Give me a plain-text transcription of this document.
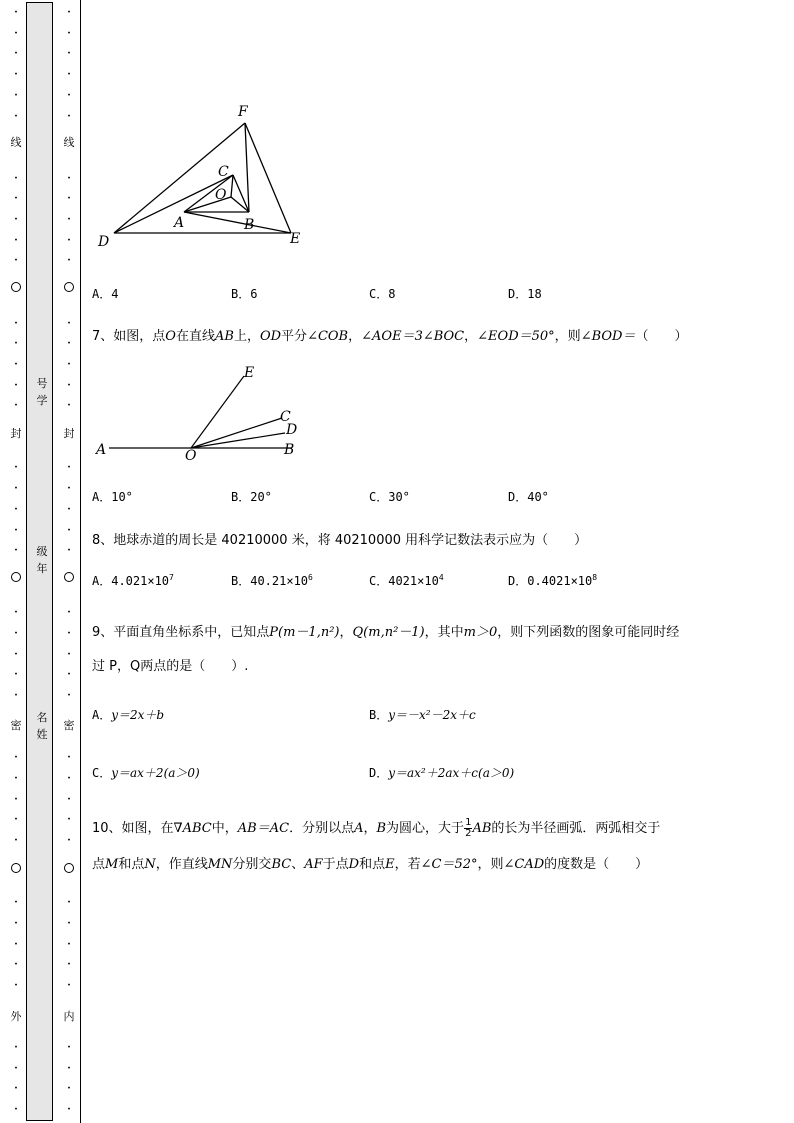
·
·
·
·
·
·
·
·
·
·
·
·
·
·
·
·
·
·
·
·
·
·
·
·
·
·
·
·
·
·
·
·
·
·
·
·
·
·
·
·
·
·
·
·
·
·
·
·
·
·
·
·
·
·
·
·
·
·
·
·
·
·
·
·
·
·
·
·
·
·
·
·
·
·
·
·
·
·
·
·
线
封
密
外
线
封
密
内
号学
级年
名姓
F
C
O
A	B
D	E
A．4	B．6	C．8	D．18
7、如图，点O在直线AB上，OD平分∠COB，∠AOE＝3∠BOC，∠EOD＝50°，则∠BOD＝（　　）
E
C
D
A	O	B
A．10°	B．20°	C．30°	D．40°
8、地球赤道的周长是 40210000 米，将 40210000 用科学记数法表示应为（　　）
A．$4.021\times 10^7$	B．$40.21\times 10^6$	C．$4021\times 10^4$	D．$0.4021\times 10^8$
9、平面直角坐标系中，已知点P(m－1,n²)，Q(m,n²－1)，其中m＞0，则下列函数的图象可能同时经
过 P，Q两点的是（　　）.
A．y＝2x＋b	B．y＝－x²－2x＋c
C．y＝ax＋2(a＞0)	D．y＝ax²＋2ax＋c(a＞0)
10、如图，在∇ABC中，AB＝AC．分别以点A，B为圆心，大于 $\frac{1}{2}$ AB的长为半径画弧．两弧相交于
点M和点N，作直线MN分别交BC、AF于点D和点E，若∠C＝52°，则∠CAD的度数是（　　）
